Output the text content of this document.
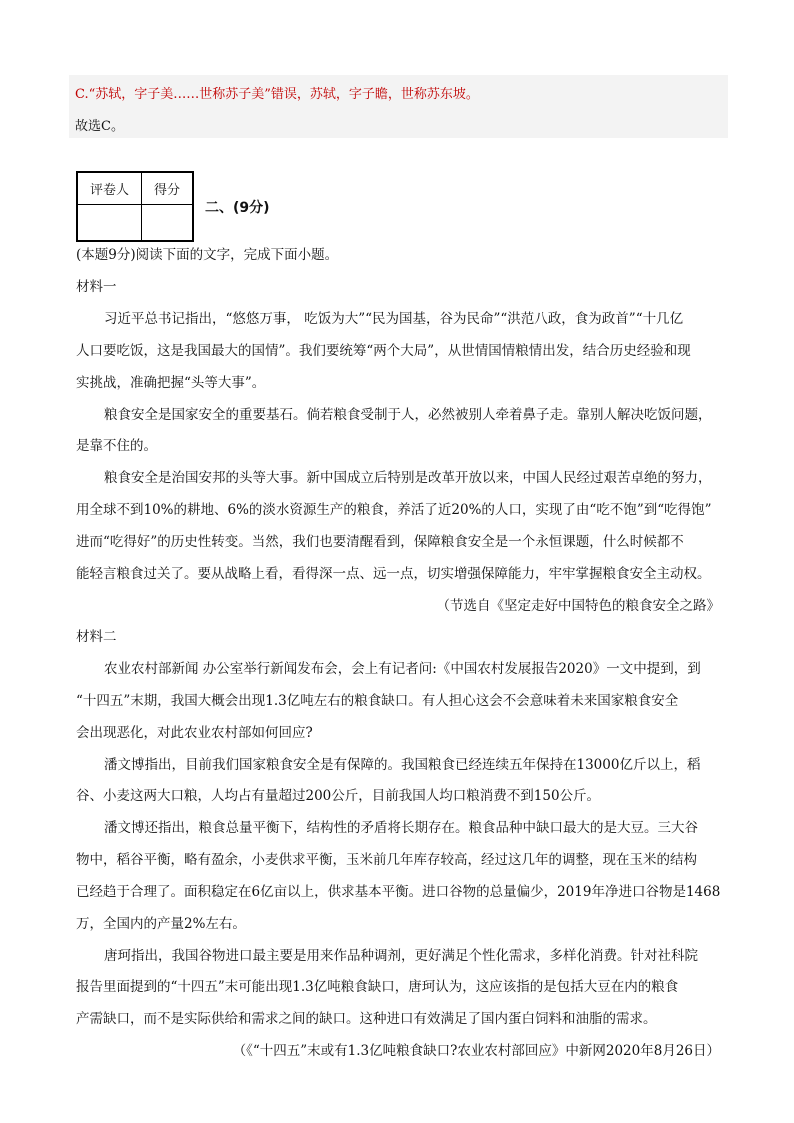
C.“苏轼，字子美……世称苏子美”错误，苏轼，字子瞻，世称苏东坡。
故选C。
评卷人	得分

二、(9分)
(本题9分)阅读下面的文字，完成下面小题。
材料一
习近平总书记指出，“悠悠万事， 吃饭为大”“民为国基，谷为民命”“洪范八政，食为政首”“十几亿
人口要吃饭，这是我国最大的国情”。我们要统筹“两个大局”，从世情国情粮情出发，结合历史经验和现
实挑战，准确把握“头等大事”。
粮食安全是国家安全的重要基石。倘若粮食受制于人，必然被别人牵着鼻子走。靠别人解决吃饭问题，
是靠不住的。
粮食安全是治国安邦的头等大事。新中国成立后特别是改革开放以来，中国人民经过艰苦卓绝的努力，
用全球不到10%的耕地、6%的淡水资源生产的粮食，养活了近20%的人口，实现了由“吃不饱”到“吃得饱”
进而“吃得好”的历史性转变。当然，我们也要清醒看到，保障粮食安全是一个永恒课题，什么时候都不
能轻言粮食过关了。要从战略上看，看得深一点、远一点，切实增强保障能力，牢牢掌握粮食安全主动权。
（节选自《坚定走好中国特色的粮食安全之路》
材料二
农业农村部新闻 办公室举行新闻发布会，会上有记者问:《中国农村发展报告2020》一文中提到，到
“十四五”末期，我国大概会出现1.3亿吨左右的粮食缺口。有人担心这会不会意味着未来国家粮食安全
会出现恶化，对此农业农村部如何回应?
潘文博指出，目前我们国家粮食安全是有保障的。我国粮食已经连续五年保持在13000亿斤以上，稻
谷、小麦这两大口粮，人均占有量超过200公斤，目前我国人均口粮消费不到150公斤。
潘文博还指出，粮食总量平衡下，结构性的矛盾将长期存在。粮食品种中缺口最大的是大豆。三大谷
物中，稻谷平衡，略有盈余，小麦供求平衡，玉米前几年库存较高，经过这几年的调整，现在玉米的结构
已经趋于合理了。面积稳定在6亿亩以上，供求基本平衡。进口谷物的总量偏少，2019年净进口谷物是1468
万，全国内的产量2%左右。
唐珂指出，我国谷物进口最主要是用来作品种调剂，更好满足个性化需求，多样化消费。针对社科院
报告里面提到的“十四五”末可能出现1.3亿吨粮食缺口，唐珂认为，这应该指的是包括大豆在内的粮食
产需缺口，而不是实际供给和需求之间的缺口。这种进口有效满足了国内蛋白饲料和油脂的需求。
（《“十四五”末或有1.3亿吨粮食缺口?农业农村部回应》中新网2020年8月26日）
